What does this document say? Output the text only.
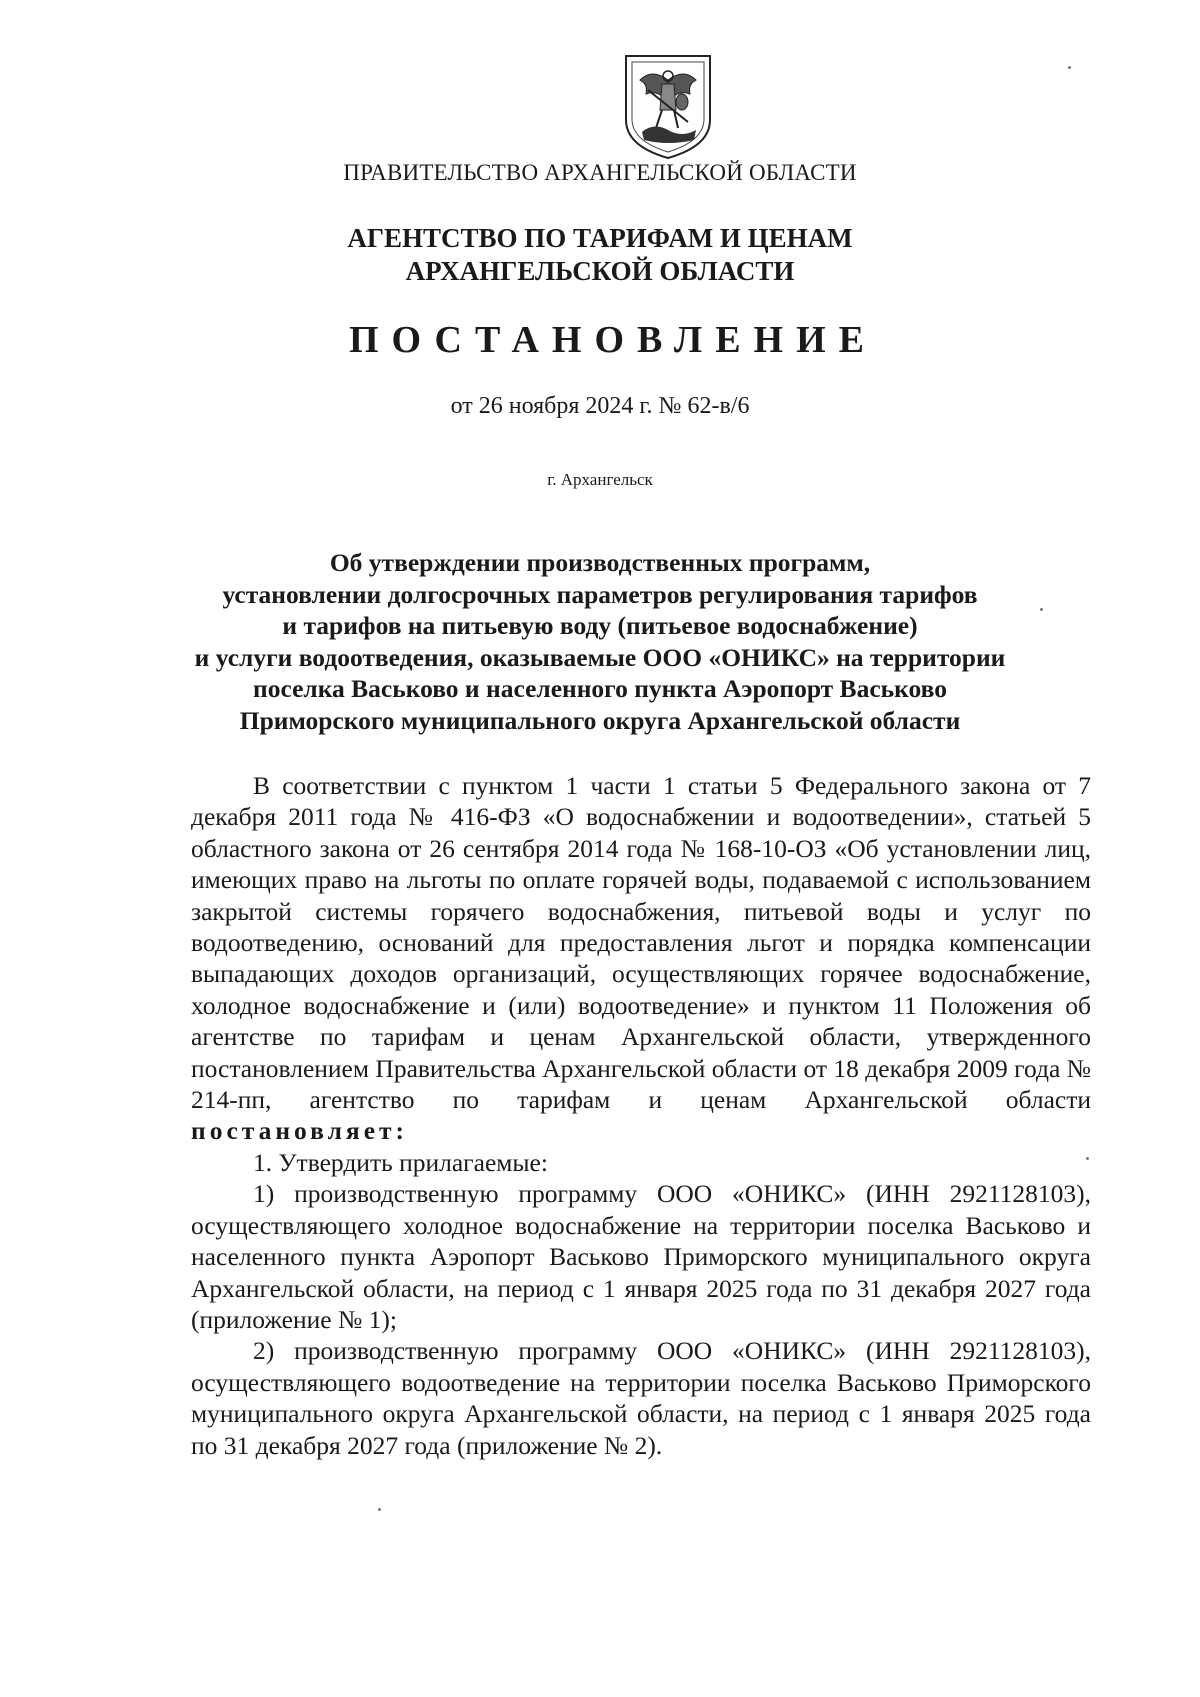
ПРАВИТЕЛЬСТВО АРХАНГЕЛЬСКОЙ ОБЛАСТИ
АГЕНТСТВО ПО ТАРИФАМ И ЦЕНАМ
АРХАНГЕЛЬСКОЙ ОБЛАСТИ
ПОСТАНОВЛЕНИЕ
от 26 ноября 2024 г. № 62-в/6
г. Архангельск
Об утверждении производственных программ,
установлении долгосрочных параметров регулирования тарифов
и тарифов на питьевую воду (питьевое водоснабжение)
и услуги водоотведения, оказываемые ООО «ОНИКС» на территории
поселка Васьково и населенного пункта Аэропорт Васьково
Приморского муниципального округа Архангельской области

В соответствии с пунктом 1 части 1 статьи 5 Федерального закона от 7 декабря 2011 года № 416-ФЗ «О водоснабжении и водоотведении», статьей 5 областного закона от 26 сентября 2014 года № 168-10-ОЗ «Об установлении лиц, имеющих право на льготы по оплате горячей воды, подаваемой с использованием закрытой системы горячего водоснабжения, питьевой воды и услуг по водоотведению, оснований для предоставления льгот и порядка компенсации выпадающих доходов организаций, осуществляющих горячее водоснабжение, холодное водоснабжение и (или) водоотведение» и пунктом 11 Положения об агентстве по тарифам и ценам Архангельской области, утвержденного постановлением Правительства Архангельской области от 18 декабря 2009 года № 214-пп, агентство по тарифам и ценам Архангельской области постановляет:

1. Утвердить прилагаемые:

1) производственную программу ООО «ОНИКС» (ИНН 2921128103), осуществляющего холодное водоснабжение на территории поселка Васьково и населенного пункта Аэропорт Васьково Приморского муниципального округа Архангельской области, на период с 1 января 2025 года по 31 декабря 2027 года (приложение № 1);

2) производственную программу ООО «ОНИКС» (ИНН 2921128103), осуществляющего водоотведение на территории поселка Васьково Приморского муниципального округа Архангельской области, на период с 1 января 2025 года по 31 декабря 2027 года (приложение № 2).
